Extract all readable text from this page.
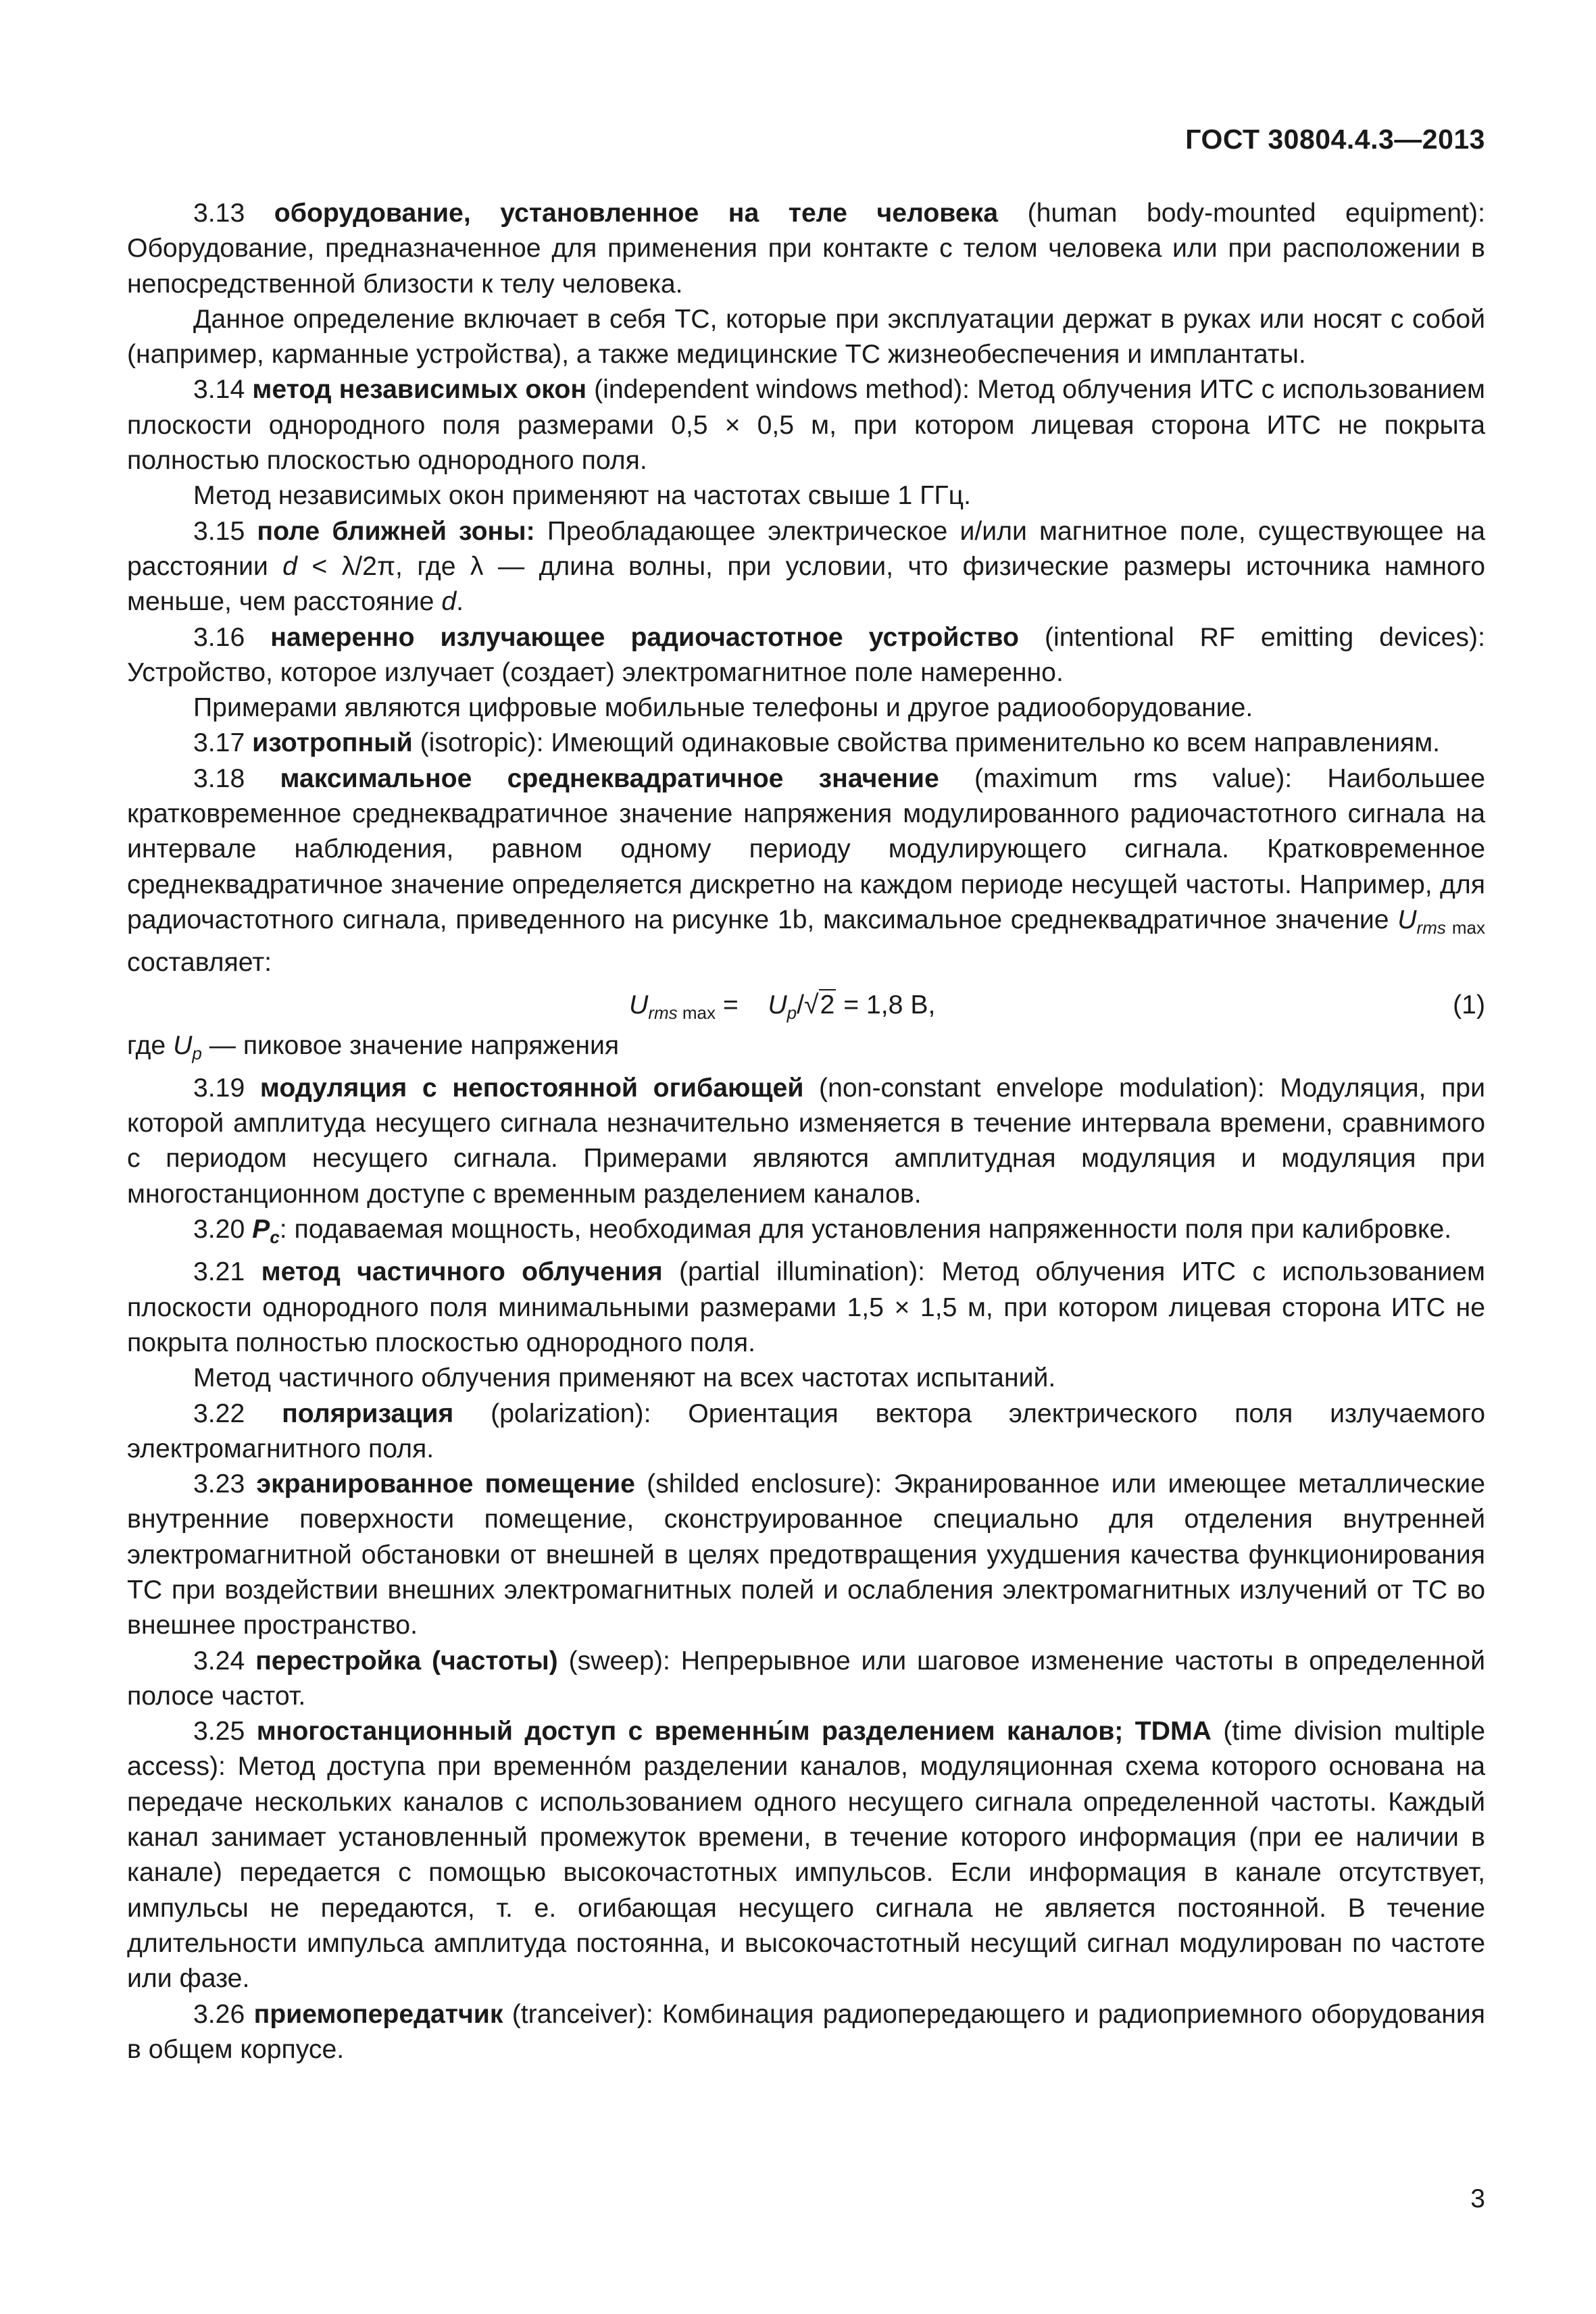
ГОСТ 30804.4.3—2013

3.13 оборудование, установленное на теле человека (human body-mounted equipment): Оборудование, предназначенное для применения при контакте с телом человека или при расположении в непосредственной близости к телу человека.

Данное определение включает в себя ТС, которые при эксплуатации держат в руках или носят с собой (например, карманные устройства), а также медицинские ТС жизнеобеспечения и имплантаты.

3.14 метод независимых окон (independent windows method): Метод облучения ИТС с использованием плоскости однородного поля размерами 0,5 × 0,5 м, при котором лицевая сторона ИТС не покрыта полностью плоскостью однородного поля.

Метод независимых окон применяют на частотах свыше 1 ГГц.

3.15 поле ближней зоны: Преобладающее электрическое и/или магнитное поле, существующее на расстоянии d < λ/2π, где λ — длина волны, при условии, что физические размеры источника намного меньше, чем расстояние d.

3.16 намеренно излучающее радиочастотное устройство (intentional RF emitting devices): Устройство, которое излучает (создает) электромагнитное поле намеренно.

Примерами являются цифровые мобильные телефоны и другое радиооборудование.

3.17 изотропный (isotropic): Имеющий одинаковые свойства применительно ко всем направлениям.

3.18 максимальное среднеквадратичное значение (maximum rms value): Наибольшее кратковременное среднеквадратичное значение напряжения модулированного радиочастотного сигнала на интервале наблюдения, равном одному периоду модулирующего сигнала. Кратковременное среднеквадратичное значение определяется дискретно на каждом периоде несущей частоты. Например, для радиочастотного сигнала, приведенного на рисунке 1b, максимальное среднеквадратичное значение $U_{rms max}$ составляет:

$U_{rms max}$ =    $U_p/√2 = 1,8$ В,	(1)

где $U_p$ — пиковое значение напряжения

3.19 модуляция с непостоянной огибающей (non-constant envelope modulation): Модуляция, при которой амплитуда несущего сигнала незначительно изменяется в течение интервала времени, сравнимого с периодом несущего сигнала. Примерами являются амплитудная модуляция и модуляция при многостанционном доступе с временным разделением каналов.

3.20 $P_c$: подаваемая мощность, необходимая для установления напряженности поля при калибровке.

3.21 метод частичного облучения (partial illumination): Метод облучения ИТС с использованием плоскости однородного поля минимальными размерами 1,5 × 1,5 м, при котором лицевая сторона ИТС не покрыта полностью плоскостью однородного поля.

Метод частичного облучения применяют на всех частотах испытаний.

3.22 поляризация (polarization): Ориентация вектора электрического поля излучаемого электромагнитного поля.

3.23 экранированное помещение (shilded enclosure): Экранированное или имеющее металлические внутренние поверхности помещение, сконструированное специально для отделения внутренней электромагнитной обстановки от внешней в целях предотвращения ухудшения качества функционирования ТС при воздействии внешних электромагнитных полей и ослабления электромагнитных излучений от ТС во внешнее пространство.

3.24 перестройка (частоты) (sweep): Непрерывное или шаговое изменение частоты в определенной полосе частот.

3.25 многостанционный доступ с временны́м разделением каналов; TDMA (time division multiple access): Метод доступа при временно́м разделении каналов, модуляционная схема которого основана на передаче нескольких каналов с использованием одного несущего сигнала определенной частоты. Каждый канал занимает установленный промежуток времени, в течение которого информация (при ее наличии в канале) передается с помощью высокочастотных импульсов. Если информация в канале отсутствует, импульсы не передаются, т. е. огибающая несущего сигнала не является постоянной. В течение длительности импульса амплитуда постоянна, и высокочастотный несущий сигнал модулирован по частоте или фазе.

3.26 приемопередатчик (tranceiver): Комбинация радиопередающего и радиоприемного оборудования в общем корпусе.

3
